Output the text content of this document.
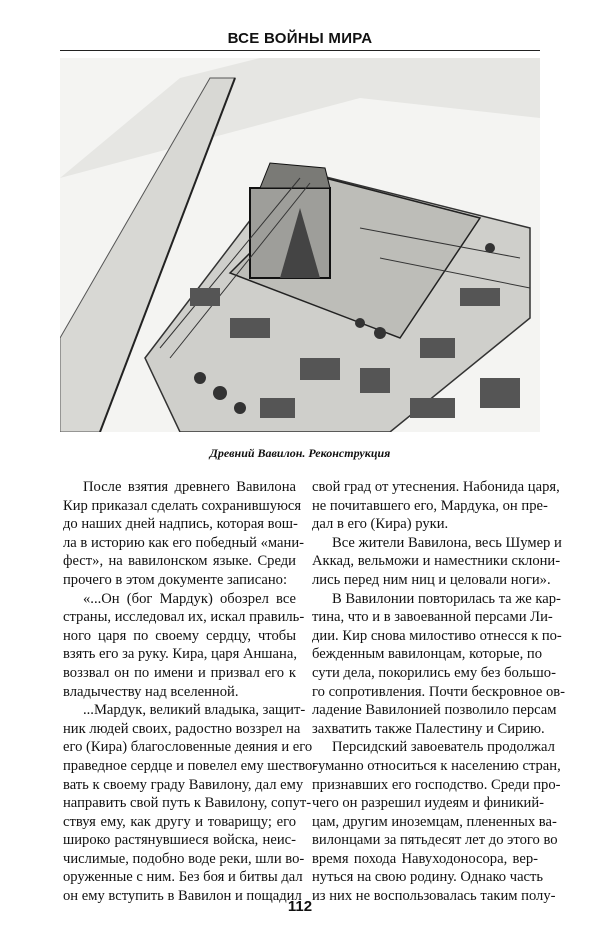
ВСЕ ВОЙНЫ МИРА
Древний Вавилон. Реконструкция
После взятия древнего Вавилона
Кир приказал сделать сохранившуюся
до наших дней надпись, которая вош-
ла в историю как его победный «мани-
фест», на вавилонском языке. Среди
прочего в этом документе записано:
«...Он (бог Мардук) обозрел все
страны, исследовал их, искал правиль-
ного царя по своему сердцу, чтобы
взять его за руку. Кира, царя Аншана,
воззвал он по имени и призвал его к
владычеству над вселенной.
...Мардук, великий владыка, защит-
ник людей своих, радостно воззрел на
его (Кира) благословенные деяния и его
праведное сердце и повелел ему шество-
вать к своему граду Вавилону, дал ему
направить свой путь к Вавилону, сопут-
ствуя ему, как другу и товарищу; его
широко растянувшиеся войска, неис-
числимые, подобно воде реки, шли во-
оруженные с ним. Без боя и битвы дал
он ему вступить в Вавилон и пощадил
свой град от утеснения. Набонида царя,
не почитавшего его, Мардука, он пре-
дал в его (Кира) руки.
Все жители Вавилона, весь Шумер и
Аккад, вельможи и наместники склони-
лись перед ним ниц и целовали ноги».
В Вавилонии повторилась та же кар-
тина, что и в завоеванной персами Ли-
дии. Кир снова милостиво отнесся к по-
бежденным вавилонцам, которые, по
сути дела, покорились ему без большо-
го сопротивления. Почти бескровное ов-
ладение Вавилонией позволило персам
захватить также Палестину и Сирию.
Персидский завоеватель продолжал
гуманно относиться к населению стран,
признавших его господство. Среди про-
чего он разрешил иудеям и финикий-
цам, другим иноземцам, плененных ва-
вилонцами за пятьдесят лет до этого во
время похода Навуходоносора, вер-
нуться на свою родину. Однако часть
из них не воспользовалась таким полу-
112
